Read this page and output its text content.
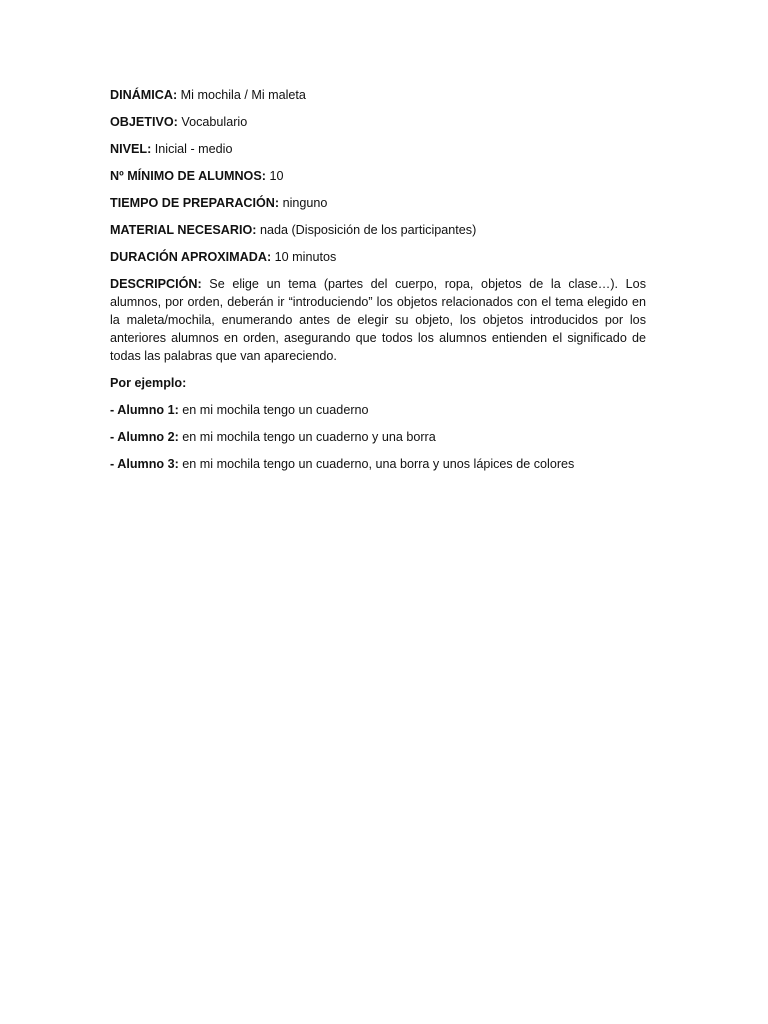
DINÁMICA: Mi mochila / Mi maleta
OBJETIVO: Vocabulario
NIVEL: Inicial - medio
Nº MÍNIMO DE ALUMNOS: 10
TIEMPO DE PREPARACIÓN: ninguno
MATERIAL NECESARIO: nada (Disposición de los participantes)
DURACIÓN APROXIMADA: 10 minutos
DESCRIPCIÓN: Se elige un tema (partes del cuerpo, ropa, objetos de la clase…). Los alumnos, por orden, deberán ir “introduciendo” los objetos relacionados con el tema elegido en la maleta/mochila, enumerando antes de elegir su objeto, los objetos introducidos por los anteriores alumnos en orden, asegurando que todos los alumnos entienden el significado de todas las palabras que van apareciendo.
Por ejemplo:
- Alumno 1: en mi mochila tengo un cuaderno
- Alumno 2: en mi mochila tengo un cuaderno y una borra
- Alumno 3: en mi mochila tengo un cuaderno, una borra y unos lápices de colores
